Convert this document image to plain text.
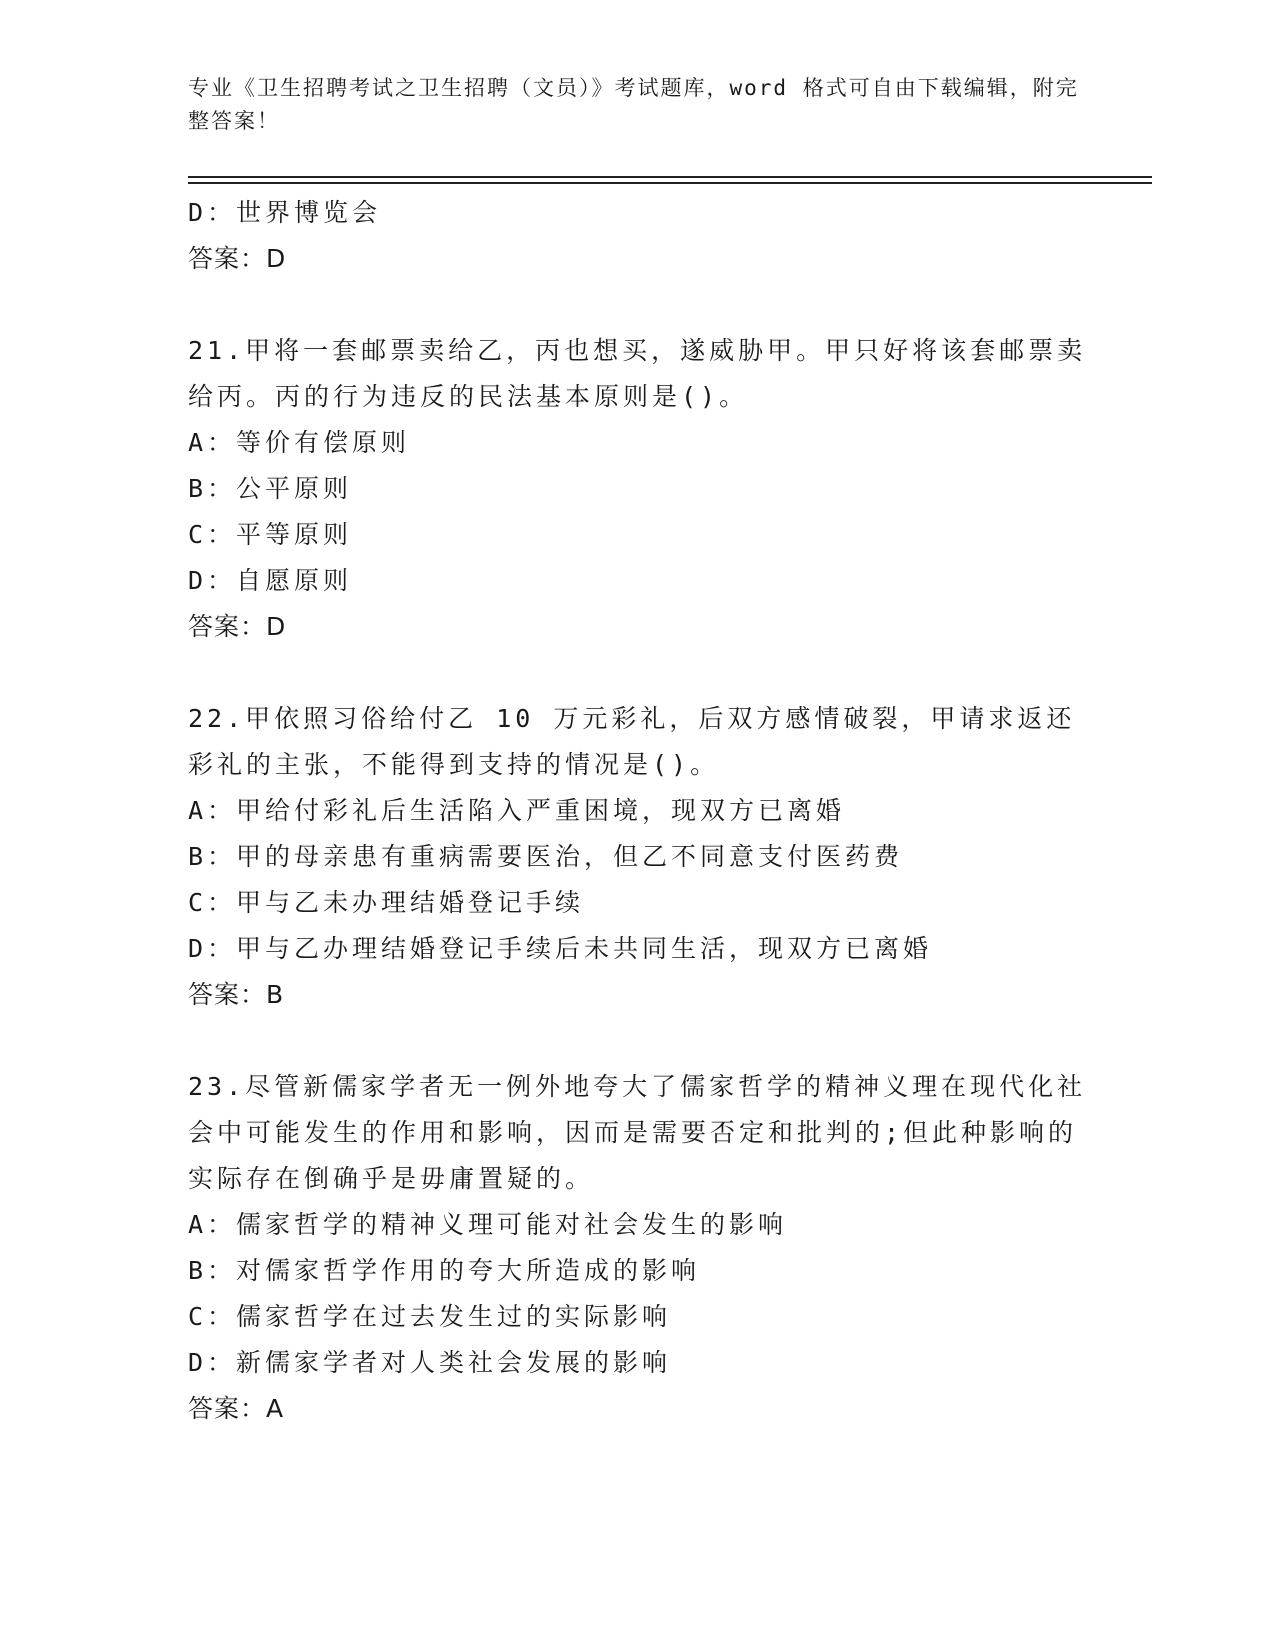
专业《卫生招聘考试之卫生招聘（文员）》考试题库，word 格式可自由下载编辑，附完整答案！
D：世界博览会
答案：D
21.甲将一套邮票卖给乙，丙也想买，遂威胁甲。甲只好将该套邮票卖给丙。丙的行为违反的民法基本原则是()。
A：等价有偿原则
B：公平原则
C：平等原则
D：自愿原则
答案：D
22.甲依照习俗给付乙 10 万元彩礼，后双方感情破裂，甲请求返还彩礼的主张，不能得到支持的情况是()。
A：甲给付彩礼后生活陷入严重困境，现双方已离婚
B：甲的母亲患有重病需要医治，但乙不同意支付医药费
C：甲与乙未办理结婚登记手续
D：甲与乙办理结婚登记手续后未共同生活，现双方已离婚
答案：B
23.尽管新儒家学者无一例外地夸大了儒家哲学的精神义理在现代化社会中可能发生的作用和影响，因而是需要否定和批判的;但此种影响的实际存在倒确乎是毋庸置疑的。
A：儒家哲学的精神义理可能对社会发生的影响
B：对儒家哲学作用的夸大所造成的影响
C：儒家哲学在过去发生过的实际影响
D：新儒家学者对人类社会发展的影响
答案：A
